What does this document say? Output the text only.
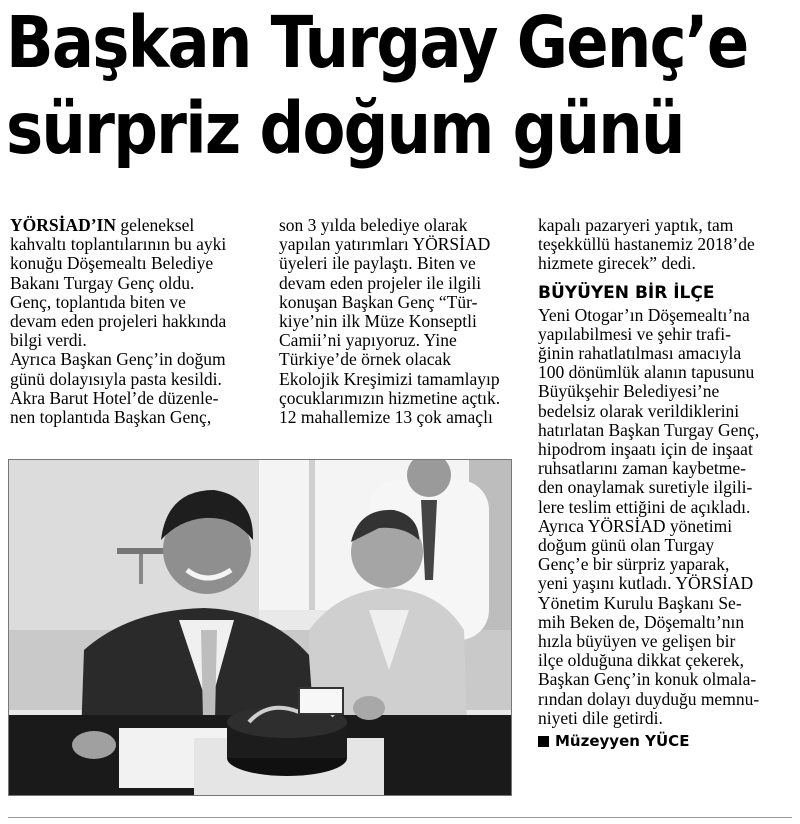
Başkan Turgay Genç’e
sürpriz doğum günü

YÖRSİAD’IN geleneksel

kahvaltı toplantılarının bu ayki

konuğu Döşemealtı Belediye

Bakanı Turgay Genç oldu.

Genç, toplantıda biten ve

devam eden projeleri hakkında

bilgi verdi.

Ayrıca Başkan Genç’in doğum

günü dolayısıyla pasta kesildi.

Akra Barut Hotel’de düzenle-

nen toplantıda Başkan Genç,

son 3 yılda belediye olarak

yapılan yatırımları YÖRSİAD

üyeleri ile paylaştı. Biten ve

devam eden projeler ile ilgili

konuşan Başkan Genç “Tür-

kiye’nin ilk Müze Konseptli

Camii’ni yapıyoruz. Yine

Türkiye’de örnek olacak

Ekolojik Kreşimizi tamamlayıp

çocuklarımızın hizmetine açtık.

12 mahallemize 13 çok amaçlı

kapalı pazaryeri yaptık, tam

teşekküllü hastanemiz 2018’de

hizmete girecek” dedi.

BÜYÜYEN BİR İLÇE

Yeni Otogar’ın Döşemealtı’na

yapılabilmesi ve şehir trafi-

ğinin rahatlatılması amacıyla

100 dönümlük alanın tapusunu

Büyükşehir Belediyesi’ne

bedelsiz olarak verildiklerini

hatırlatan Başkan Turgay Genç,

hipodrom inşaatı için de inşaat

ruhsatlarını zaman kaybetme-

den onaylamak suretiyle ilgili-

lere teslim ettiğini de açıkladı.

Ayrıca YÖRSİAD yönetimi

doğum günü olan Turgay

Genç’e bir sürpriz yaparak,

yeni yaşını kutladı. YÖRSİAD

Yönetim Kurulu Başkanı Se-

mih Beken de, Döşemaltı’nın

hızla büyüyen ve gelişen bir

ilçe olduğuna dikkat çekerek,

Başkan Genç’in konuk olmala-

rından dolayı duyduğu memnu-

niyeti dile getirdi.

Müzeyyen YÜCE
